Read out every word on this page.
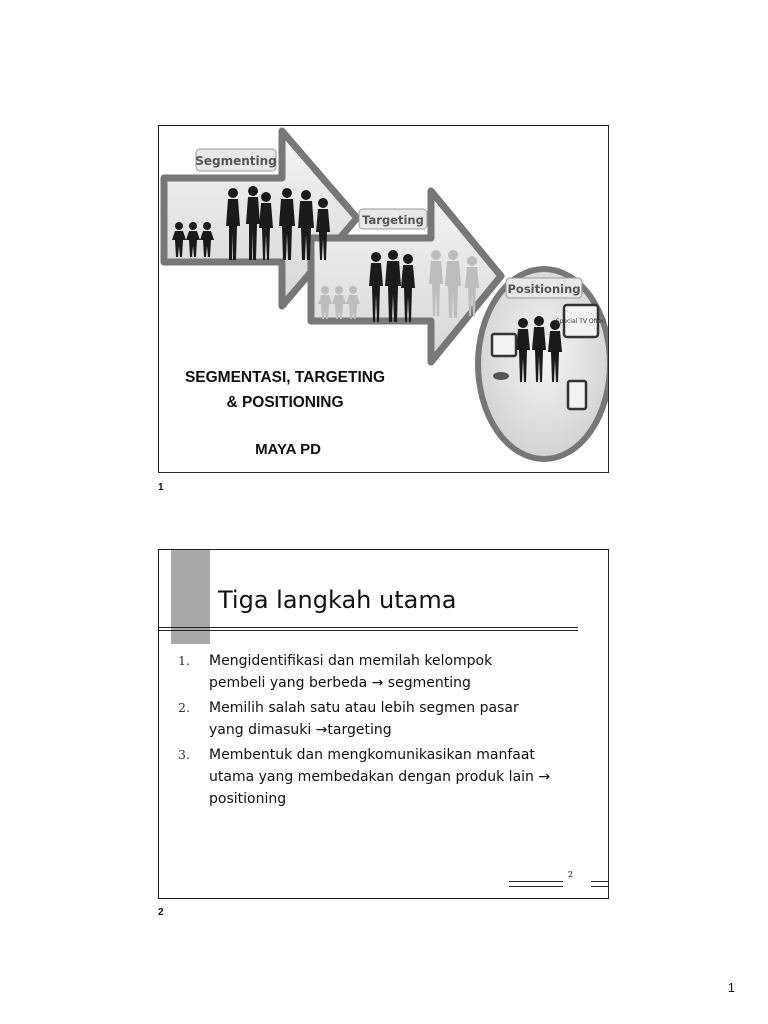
Segmenting
Targeting
Positioning
Special TV Offer!
SEGMENTASI, TARGETING
& POSITIONING
MAYA PD
1
Tiga langkah utama
1. Mengidentifikasi dan memilah kelompok
pembeli yang berbeda → segmenting
2. Memilih salah satu atau lebih segmen pasar
yang dimasuki →targeting
3. Membentuk dan mengkomunikasikan manfaat
utama yang membedakan dengan produk lain →
positioning
2
2
1
